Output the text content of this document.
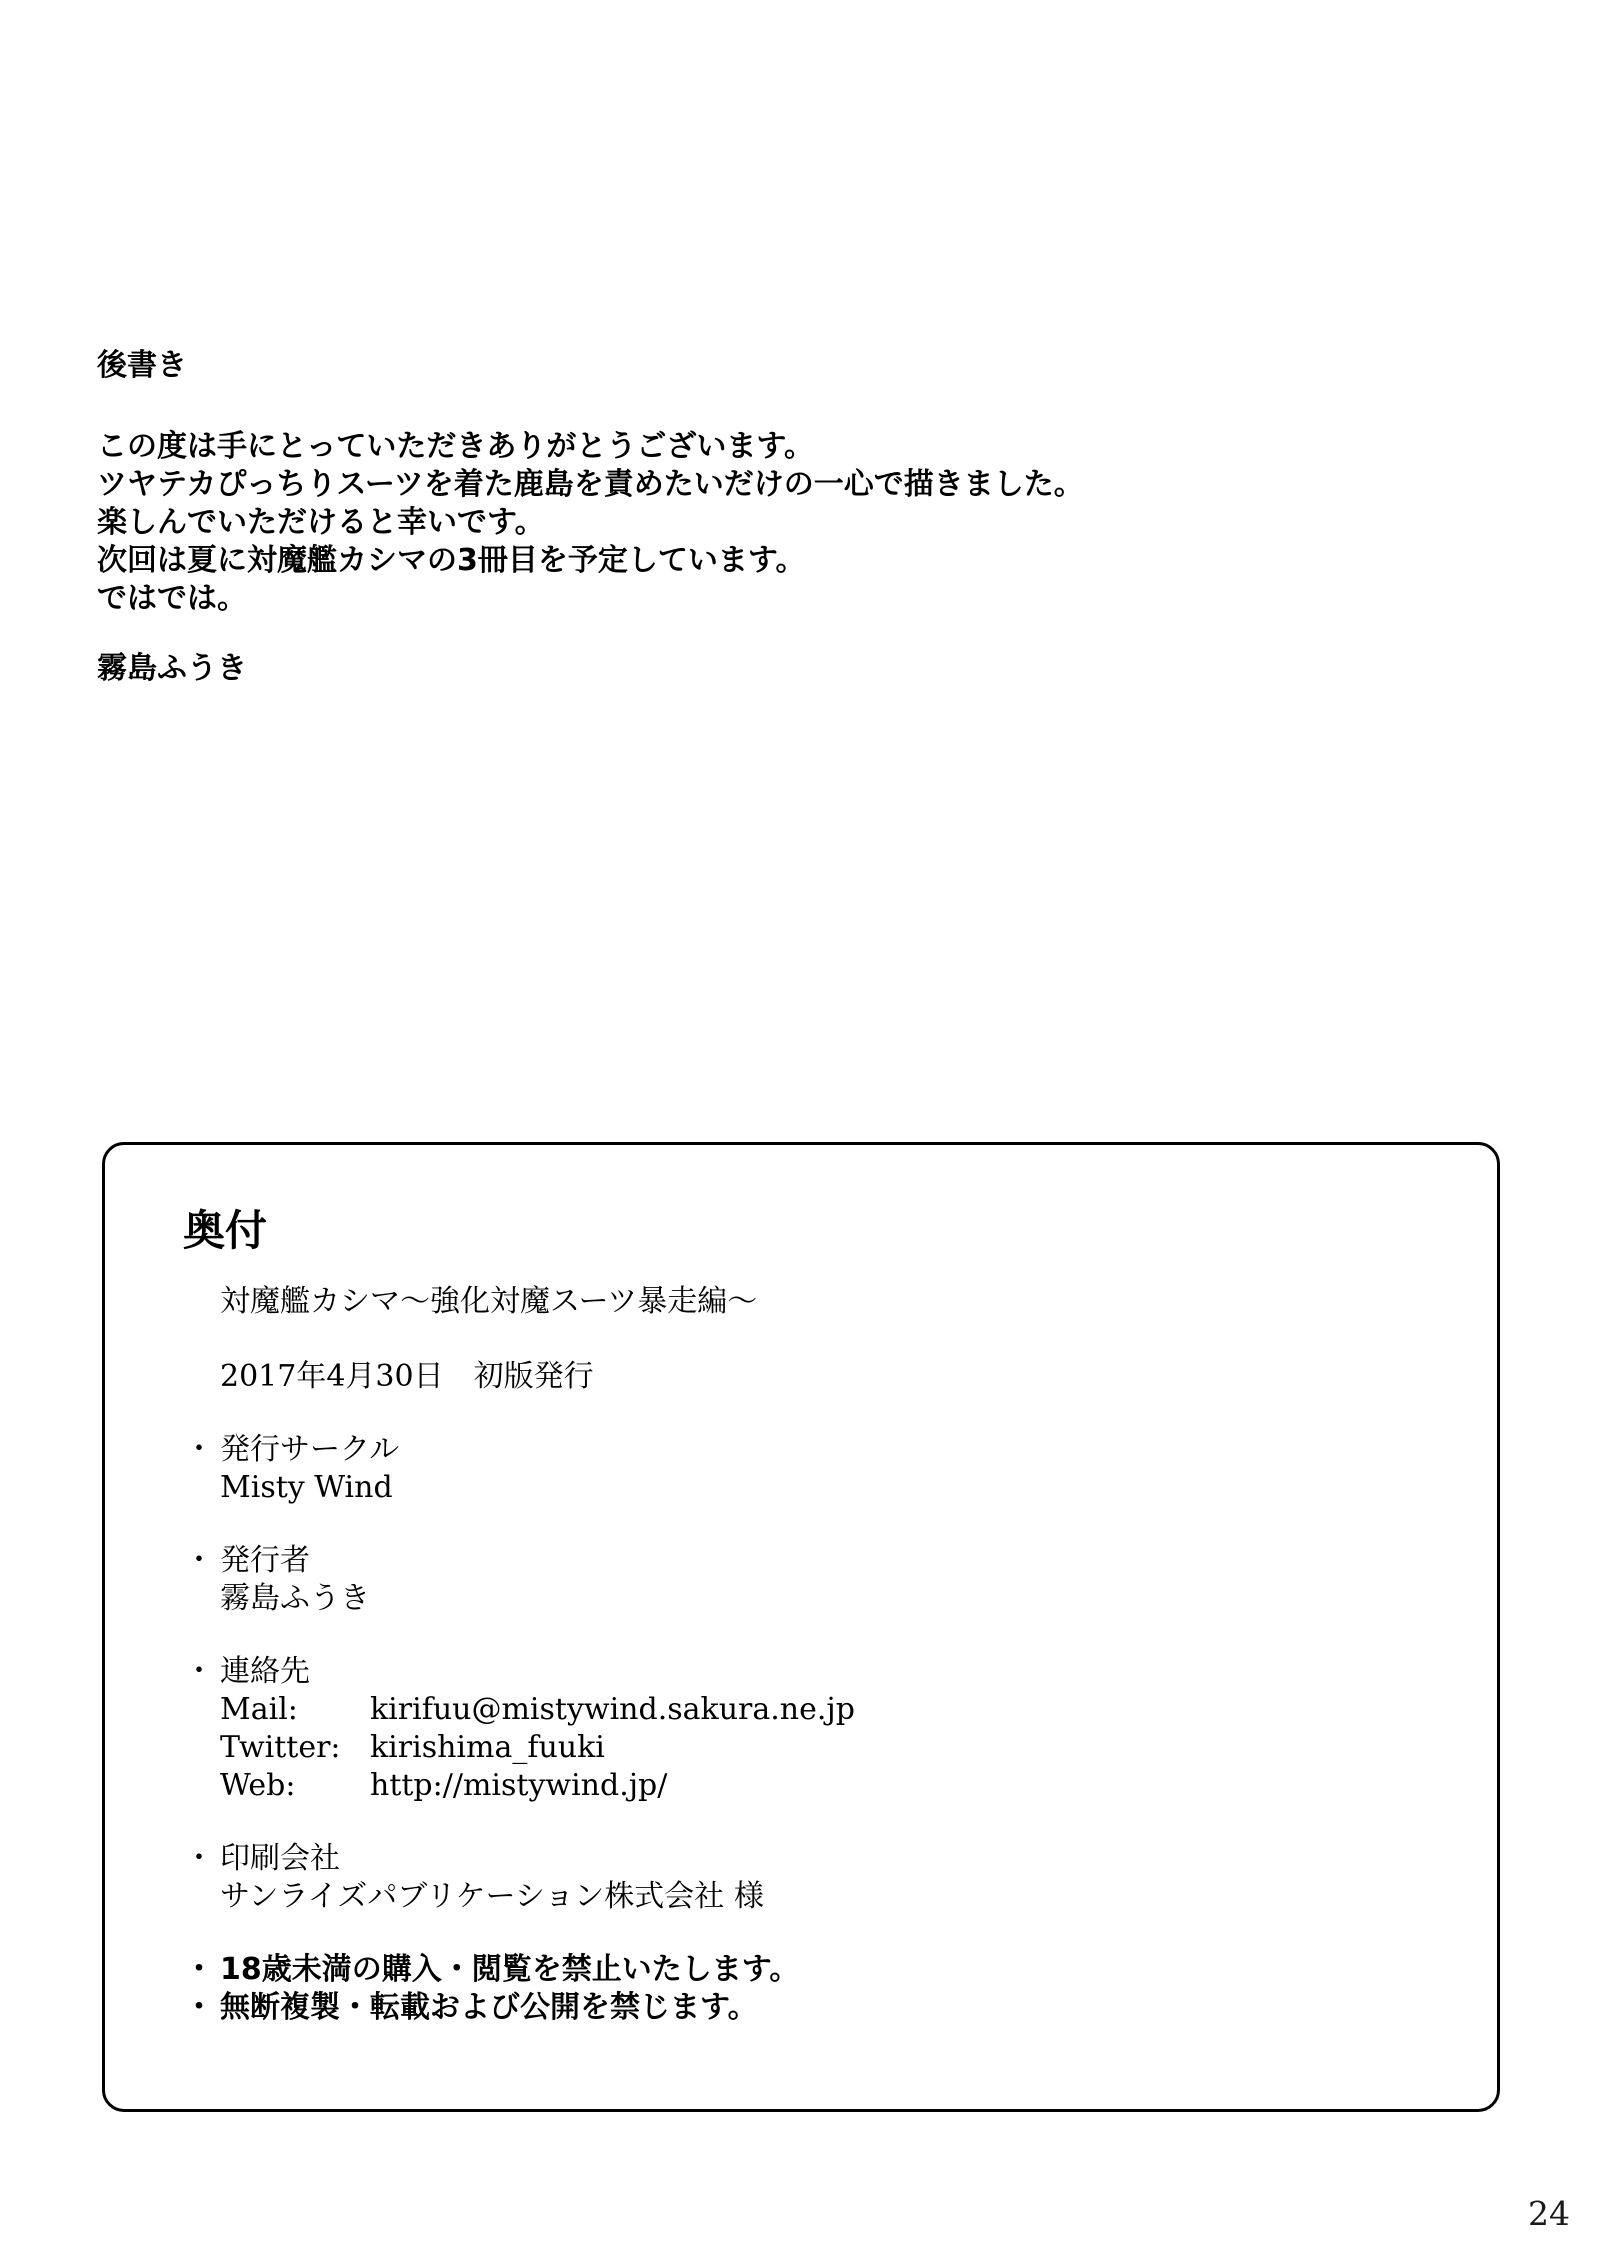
後書き

この度は手にとっていただきありがとうございます。

ツヤテカぴっちりスーツを着た鹿島を責めたいだけの一心で描きました。

楽しんでいただけると幸いです。

次回は夏に対魔艦カシマの3冊目を予定しています。

ではでは。

霧島ふうき
奥付
対魔艦カシマ～強化対魔スーツ暴走編～
2017年4月30日　初版発行
・ 発行サークル
Misty Wind
・ 発行者
霧島ふうき
・ 連絡先
Mail: kirifuu@mistywind.sakura.ne.jp
Twitter: kirishima_fuuki
Web: http://mistywind.jp/
・ 印刷会社
サンライズパブリケーション株式会社 様
・ 18歳未満の購入・閲覧を禁止いたします。
・ 無断複製・転載および公開を禁じます。
24
